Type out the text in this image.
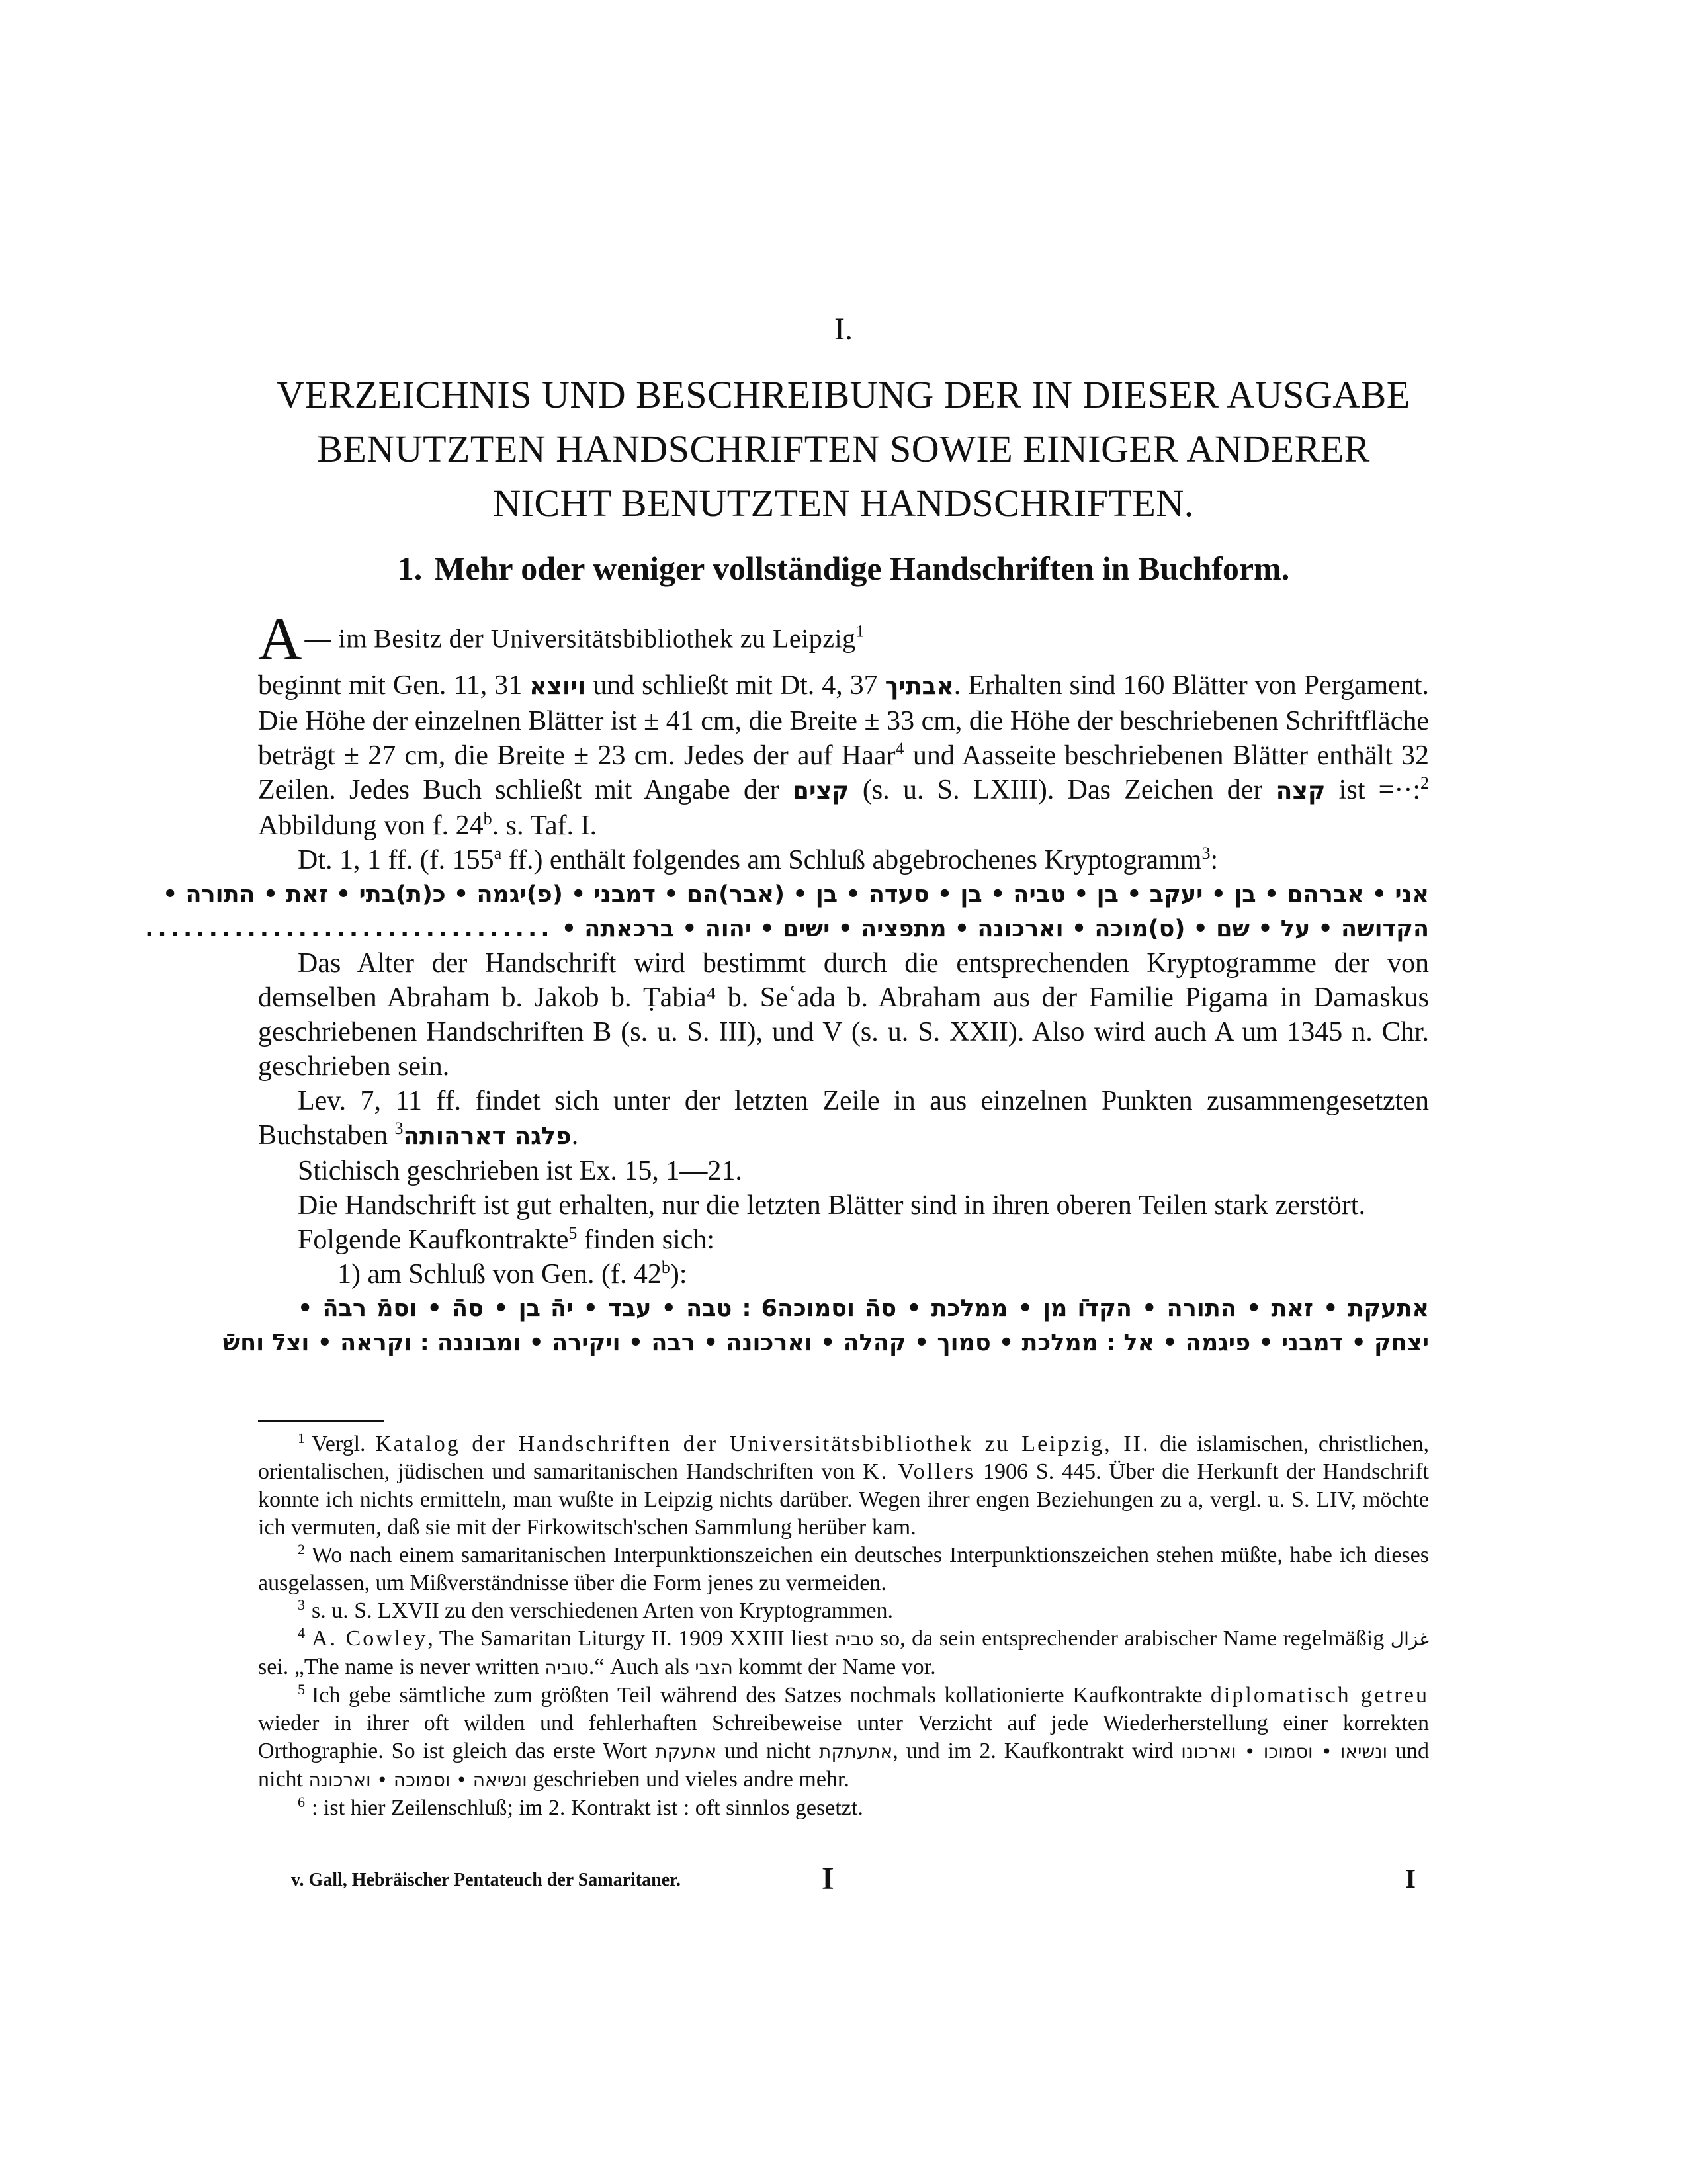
I.
VERZEICHNIS UND BESCHREIBUNG DER IN DIESER AUSGABE
BENUTZTEN HANDSCHRIFTEN SOWIE EINIGER ANDERER
NICHT BENUTZTEN HANDSCHRIFTEN.
1. Mehr oder weniger vollständige Handschriften in Buchform.
A — im Besitz der Universitätsbibliothek zu Leipzig$^1$

beginnt mit Gen. 11, 31 ויוצא und schließt mit Dt. 4, 37 אבתיך. Erhalten sind 160 Blätter von Pergament. Die Höhe der einzelnen Blätter ist ± 41 cm, die Breite ± 33 cm, die Höhe der beschriebenen Schriftfläche beträgt ± 27 cm, die Breite ± 23 cm. Jedes der auf Haar$^4$ und Aasseite beschriebenen Blätter enthält 32 Zeilen. Jedes Buch schließt mit Angabe der קצים (s. u. S. LXIII). Das Zeichen der קצה ist =··:$^2$ Abbildung von f. 24$^b$. s. Taf. I.

Dt. 1, 1 ff. (f. 155$^a$ ff.) enthält folgendes am Schluß abgebrochenes Kryptogramm$^3$:

אני • אברהם • בן • יעקב • בן • טביה • בן • סעדה • בן • (אבר)הם • דמבני • (פ)יגמה • כ(ת)בתי • זאת • התורה •
הקדושה • על • שם • (ס)מוכה • וארכונה • מתפציה • ישים • יהוה • ברכאתה • ................................

Das Alter der Handschrift wird bestimmt durch die entsprechenden Kryptogramme der von demselben Abraham b. Jakob b. Ṭabia⁴ b. Seʿada b. Abraham aus der Familie Pigama in Damaskus geschriebenen Handschriften B (s. u. S. III), und V (s. u. S. XXII). Also wird auch A um 1345 n. Chr. geschrieben sein.

Lev. 7, 11 ff. findet sich unter der letzten Zeile in aus einzelnen Punkten zusammengesetzten Buchstaben פלגה דארהותה$^3$	.

Stichisch geschrieben ist Ex. 15, 1—21.

Die Handschrift ist gut erhalten, nur die letzten Blätter sind in ihren oberen Teilen stark zerstört.

Folgende Kaufkontrakte$^5$ finden sich:

1) am Schluß von Gen. (f. 42$^b$):

אתעקת • זאת • התורה • הקדוֿ מן • ממלכת • סהֿ וסמוכה6 : טבה • עבד • יהֿ בן • סהֿ • וסמֿ רבהֿ •
יצחק • דמבני • פיגמה • אל : ממלכת • סמוך • קהלה • וארכונה • רבה • ויקירה • ומבוננה : וקראה • וצלֿ וחשֿ

$^1$ Vergl. Katalog der Handschriften der Universitätsbibliothek zu Leipzig, II. die islamischen, christlichen, orientalischen, jüdischen und samaritanischen Handschriften von K. Vollers 1906 S. 445. Über die Herkunft der Handschrift konnte ich nichts ermitteln, man wußte in Leipzig nichts darüber. Wegen ihrer engen Beziehungen zu a, vergl. u. S. LIV, möchte ich vermuten, daß sie mit der Firkowitsch'schen Sammlung herüber kam.

$^2$ Wo nach einem samaritanischen Interpunktionszeichen ein deutsches Interpunktionszeichen stehen müßte, habe ich dieses ausgelassen, um Mißverständnisse über die Form jenes zu vermeiden.

$^3$ s. u. S. LXVII zu den verschiedenen Arten von Kryptogrammen.

$^4$ A. Cowley, The Samaritan Liturgy II. 1909 XXIII liest טביה so, da sein entsprechender arabischer Name regelmäßig غزال sei. „The name is never written טוביה.“ Auch als הצבי kommt der Name vor.

$^5$ Ich gebe sämtliche zum größten Teil während des Satzes nochmals kollationierte Kaufkontrakte diplomatisch getreu wieder in ihrer oft wilden und fehlerhaften Schreibeweise unter Verzicht auf jede Wiederherstellung einer korrekten Orthographie. So ist gleich das erste Wort אתעקת und nicht אתעתקת, und im 2. Kaufkontrakt wird ונשיאו • וסמוכו • וארכונו und nicht ונשיאה • וסמוכה • וארכונה geschrieben und vieles andre mehr.

$^6$ : ist hier Zeilenschluß; im 2. Kontrakt ist : oft sinnlos gesetzt.

v. Gall, Hebräischer Pentateuch der Samaritaner.	I	I
